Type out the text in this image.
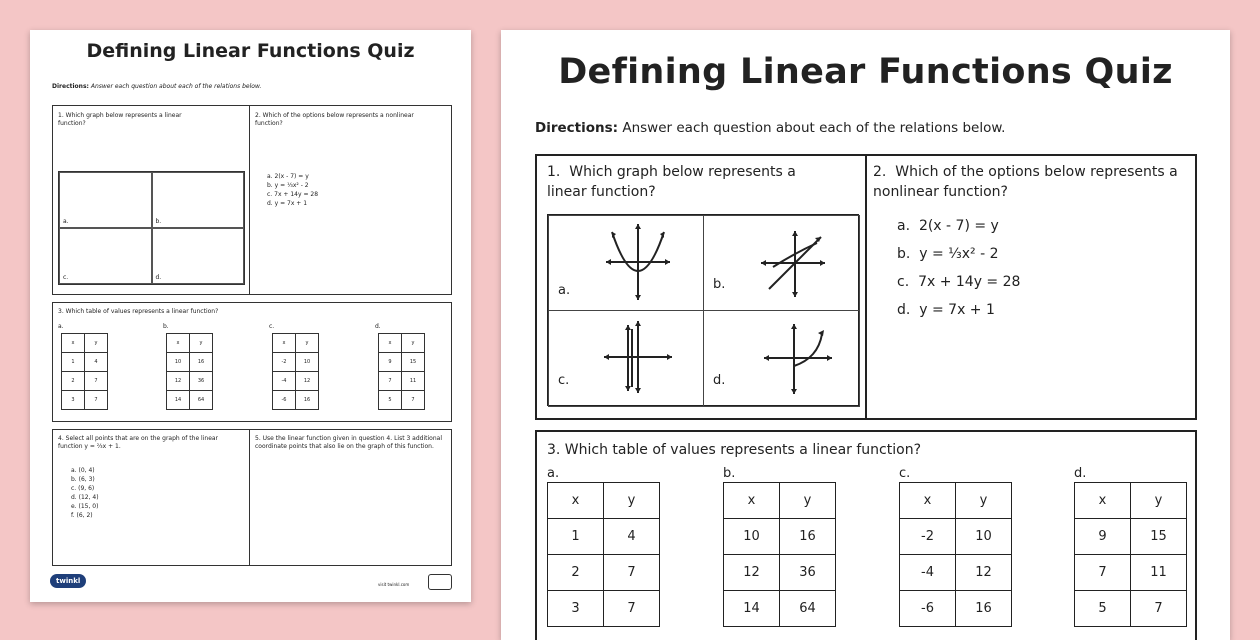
Defining Linear Functions Quiz
Directions: Answer each question about each of the relations below.
1. Which graph below represents a linear function?
a.	b.
c.	d.
2. Which of the options below represents a nonlinear function?
a. 2(x - 7) = y
b. y = ⅓x² - 2
c. 7x + 14y = 28
d. y = 7x + 1
3. Which table of values represents a linear function?
a.	b.	c.	d.
x	y
1	4
2	7
3	7
x	y
10	16
12	36
14	64
x	y
-2	10
-4	12
-6	16
x	y
9	15
7	11
5	7
4. Select all points that are on the graph of the linear function y = ⅔x + 1.
a. (0, 4)
b. (6, 3)
c. (9, 6)
d. (12, 4)
e. (15, 0)
f. (6, 2)
5. Use the linear function given in question 4. List 3 additional coordinate points that also lie on the graph of this function.
twinkl	visit twinkl.com
Defining Linear Functions Quiz
Directions: Answer each question about each of the relations below.
1. Which graph below represents a linear function?
a.	b.
c.	d.
2. Which of the options below represents a nonlinear function?
a. 2(x - 7) = y
b. y = ⅓x² - 2
c. 7x + 14y = 28
d. y = 7x + 1
3. Which table of values represents a linear function?
a.	b.	c.	d.
x	y
1	4
2	7
3	7
x	y
10	16
12	36
14	64
x	y
-2	10
-4	12
-6	16
x	y
9	15
7	11
5	7
